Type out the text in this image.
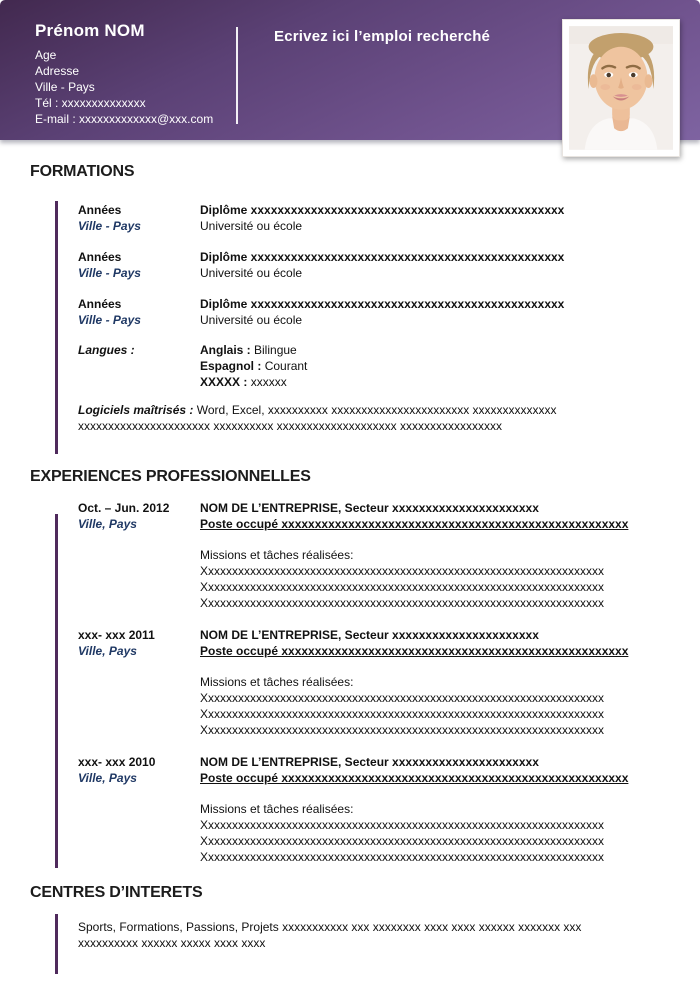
Prénom NOM
Age
Adresse
Ville - Pays
Tél : xxxxxxxxxxxxxx
E-mail : xxxxxxxxxxxxx@xxx.com
Ecrivez ici l’emploi recherché
FORMATIONS
Années
Ville - Pays
Diplôme xxxxxxxxxxxxxxxxxxxxxxxxxxxxxxxxxxxxxxxxxxxxxxx
Université ou école
Années
Ville - Pays
Diplôme xxxxxxxxxxxxxxxxxxxxxxxxxxxxxxxxxxxxxxxxxxxxxxx
Université ou école
Années
Ville - Pays
Diplôme xxxxxxxxxxxxxxxxxxxxxxxxxxxxxxxxxxxxxxxxxxxxxxx
Université ou école
Langues :	Anglais : Bilingue
Espagnol : Courant
XXXXX : xxxxxx

Logiciels maîtrisés : Word, Excel, xxxxxxxxxx xxxxxxxxxxxxxxxxxxxxxxx xxxxxxxxxxxxxx xxxxxxxxxxxxxxxxxxxxxx xxxxxxxxxx xxxxxxxxxxxxxxxxxxxx xxxxxxxxxxxxxxxxx

EXPERIENCES PROFESSIONNELLES
Oct. – Jun. 2012
Ville, Pays
NOM DE L’ENTREPRISE, Secteur xxxxxxxxxxxxxxxxxxxxxx
Poste occupé xxxxxxxxxxxxxxxxxxxxxxxxxxxxxxxxxxxxxxxxxxxxxxxxxxxx
Missions et tâches réalisées:
Xxxxxxxxxxxxxxxxxxxxxxxxxxxxxxxxxxxxxxxxxxxxxxxxxxxxxxxxxxxxxxxxxxx
Xxxxxxxxxxxxxxxxxxxxxxxxxxxxxxxxxxxxxxxxxxxxxxxxxxxxxxxxxxxxxxxxxxx
Xxxxxxxxxxxxxxxxxxxxxxxxxxxxxxxxxxxxxxxxxxxxxxxxxxxxxxxxxxxxxxxxxxx
xxx- xxx 2011
Ville, Pays
NOM DE L’ENTREPRISE, Secteur xxxxxxxxxxxxxxxxxxxxxx
Poste occupé xxxxxxxxxxxxxxxxxxxxxxxxxxxxxxxxxxxxxxxxxxxxxxxxxxxx
Missions et tâches réalisées:
Xxxxxxxxxxxxxxxxxxxxxxxxxxxxxxxxxxxxxxxxxxxxxxxxxxxxxxxxxxxxxxxxxxx
Xxxxxxxxxxxxxxxxxxxxxxxxxxxxxxxxxxxxxxxxxxxxxxxxxxxxxxxxxxxxxxxxxxx
Xxxxxxxxxxxxxxxxxxxxxxxxxxxxxxxxxxxxxxxxxxxxxxxxxxxxxxxxxxxxxxxxxxx
xxx- xxx 2010
Ville, Pays
NOM DE L’ENTREPRISE, Secteur xxxxxxxxxxxxxxxxxxxxxx
Poste occupé xxxxxxxxxxxxxxxxxxxxxxxxxxxxxxxxxxxxxxxxxxxxxxxxxxxx
Missions et tâches réalisées:
Xxxxxxxxxxxxxxxxxxxxxxxxxxxxxxxxxxxxxxxxxxxxxxxxxxxxxxxxxxxxxxxxxxx
Xxxxxxxxxxxxxxxxxxxxxxxxxxxxxxxxxxxxxxxxxxxxxxxxxxxxxxxxxxxxxxxxxxx
Xxxxxxxxxxxxxxxxxxxxxxxxxxxxxxxxxxxxxxxxxxxxxxxxxxxxxxxxxxxxxxxxxxx
CENTRES D’INTERETS

Sports, Formations, Passions, Projets xxxxxxxxxxx xxx xxxxxxxx xxxx xxxx xxxxxx xxxxxxx xxx xxxxxxxxxx xxxxxx xxxxx xxxx xxxx
